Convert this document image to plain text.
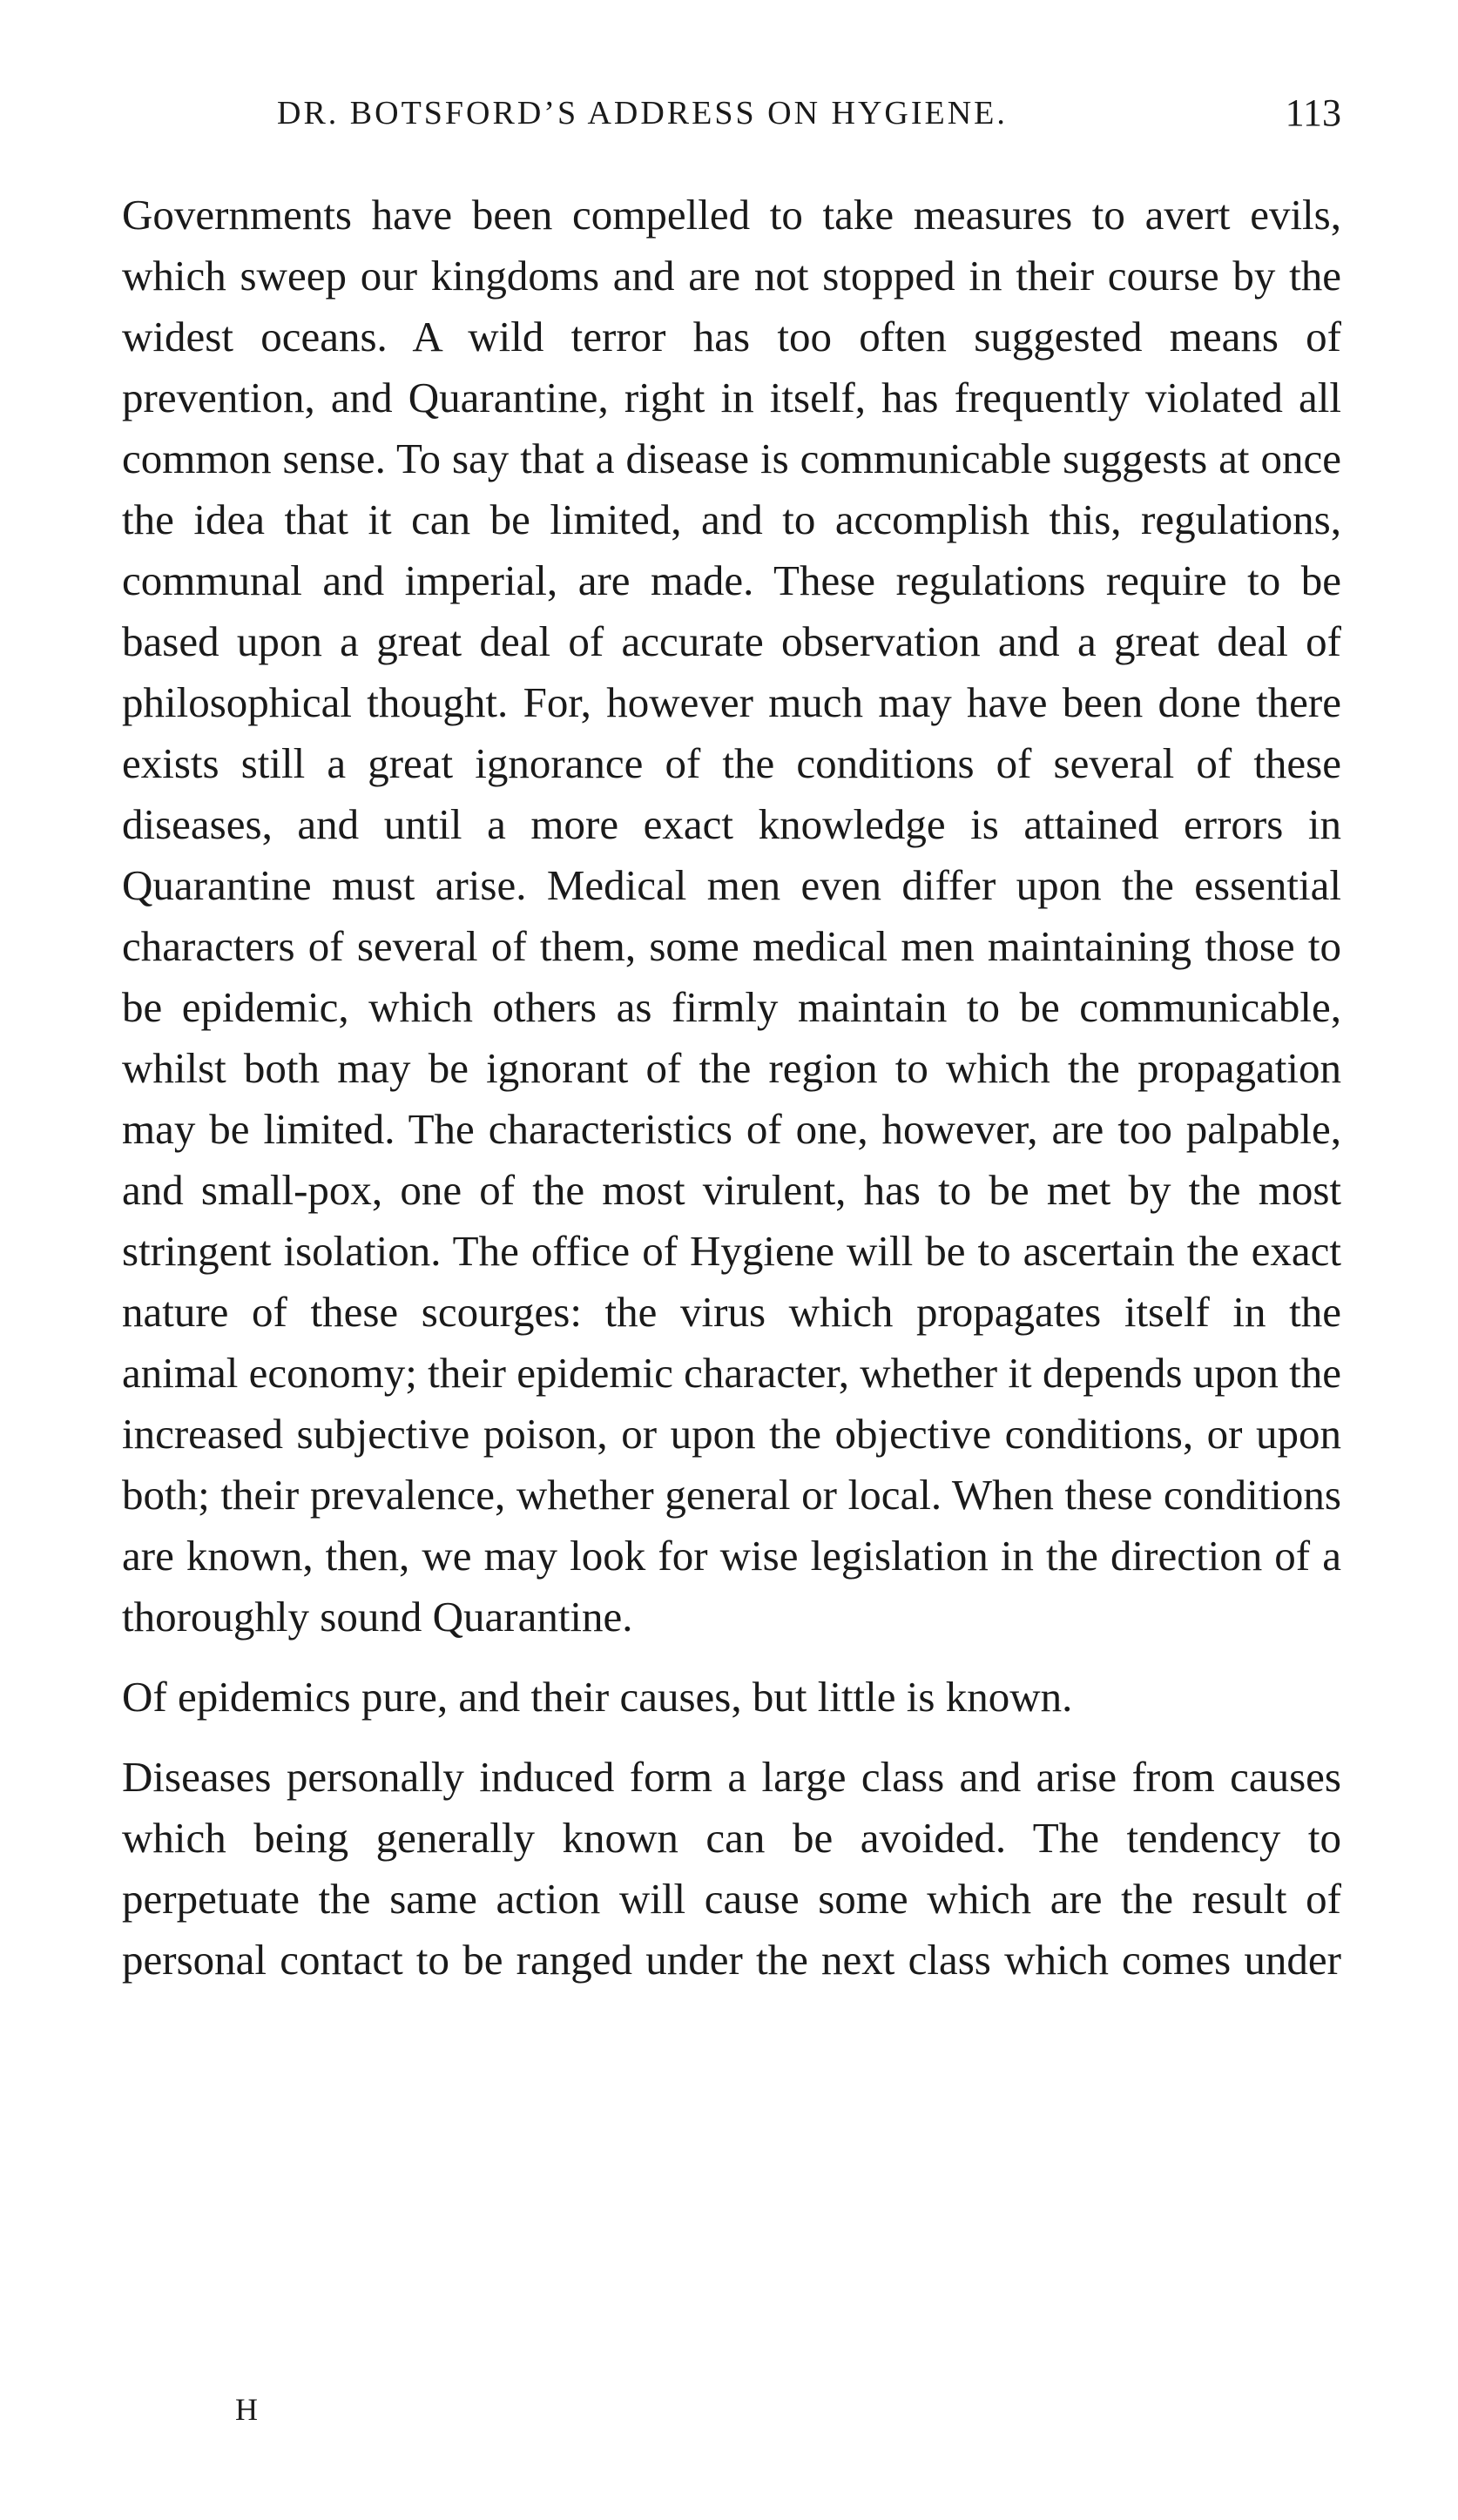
DR. BOTSFORD’S ADDRESS ON HYGIENE.	113

Governments have been compelled to take measures to avert evils, which sweep our kingdoms and are not stopped in their course by the widest oceans. A wild terror has too often suggested means of prevention, and Quarantine, right in itself, has frequently violated all common sense. To say that a disease is communicable suggests at once the idea that it can be limited, and to accomplish this, regulations, communal and imperial, are made. These regulations require to be based upon a great deal of accurate observation and a great deal of philosophical thought. For, however much may have been done there exists still a great ignorance of the conditions of several of these diseases, and until a more exact knowledge is attained errors in Quarantine must arise. Medical men even differ upon the essential characters of several of them, some medical men maintaining those to be epidemic, which others as firmly maintain to be communicable, whilst both may be ignorant of the region to which the propagation may be limited. The characteristics of one, however, are too palpable, and small-pox, one of the most virulent, has to be met by the most stringent isolation. The office of Hygiene will be to ascertain the exact nature of these scourges: the virus which propagates itself in the animal economy; their epidemic character, whether it depends upon the increased subjective poison, or upon the objective conditions, or upon both; their prevalence, whether general or local. When these conditions are known, then, we may look for wise legislation in the direction of a thoroughly sound Quarantine.

Of epidemics pure, and their causes, but little is known.

Diseases personally induced form a large class and arise from causes which being generally known can be avoided. The tendency to perpetuate the same action will cause some which are the result of personal contact to be ranged under the next class which comes under

H
